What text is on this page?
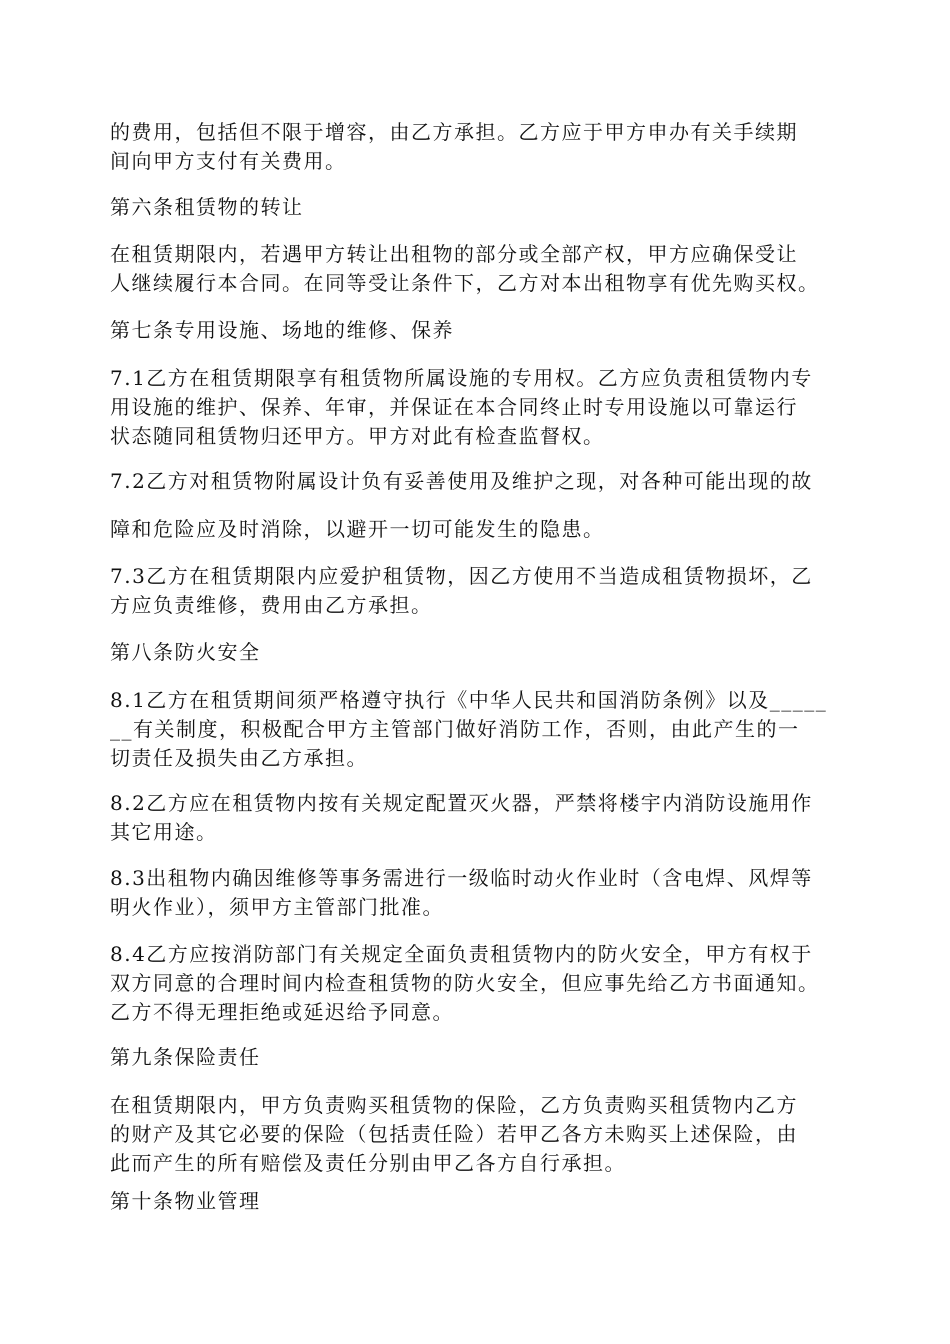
的费用，包括但不限于增容，由乙方承担。乙方应于甲方申办有关手续期
间向甲方支付有关费用。

第六条租赁物的转让

在租赁期限内，若遇甲方转让出租物的部分或全部产权，甲方应确保受让
人继续履行本合同。在同等受让条件下，乙方对本出租物享有优先购买权。

第七条专用设施、场地的维修、保养

7.1乙方在租赁期限享有租赁物所属设施的专用权。乙方应负责租赁物内专
用设施的维护、保养、年审，并保证在本合同终止时专用设施以可靠运行
状态随同租赁物归还甲方。甲方对此有检查监督权。

7.2乙方对租赁物附属设计负有妥善使用及维护之现，对各种可能出现的故

障和危险应及时消除，以避开一切可能发生的隐患。

7.3乙方在租赁期限内应爱护租赁物，因乙方使用不当造成租赁物损坏，乙
方应负责维修，费用由乙方承担。

第八条防火安全

8.1乙方在租赁期间须严格遵守执行《中华人民共和国消防条例》以及_____
__有关制度，积极配合甲方主管部门做好消防工作，否则，由此产生的一
切责任及损失由乙方承担。

8.2乙方应在租赁物内按有关规定配置灭火器，严禁将楼宇内消防设施用作
其它用途。

8.3出租物内确因维修等事务需进行一级临时动火作业时（含电焊、风焊等
明火作业），须甲方主管部门批准。

8.4乙方应按消防部门有关规定全面负责租赁物内的防火安全，甲方有权于
双方同意的合理时间内检查租赁物的防火安全，但应事先给乙方书面通知。
乙方不得无理拒绝或延迟给予同意。

第九条保险责任

在租赁期限内，甲方负责购买租赁物的保险，乙方负责购买租赁物内乙方
的财产及其它必要的保险（包括责任险）若甲乙各方未购买上述保险，由
此而产生的所有赔偿及责任分别由甲乙各方自行承担。

第十条物业管理
